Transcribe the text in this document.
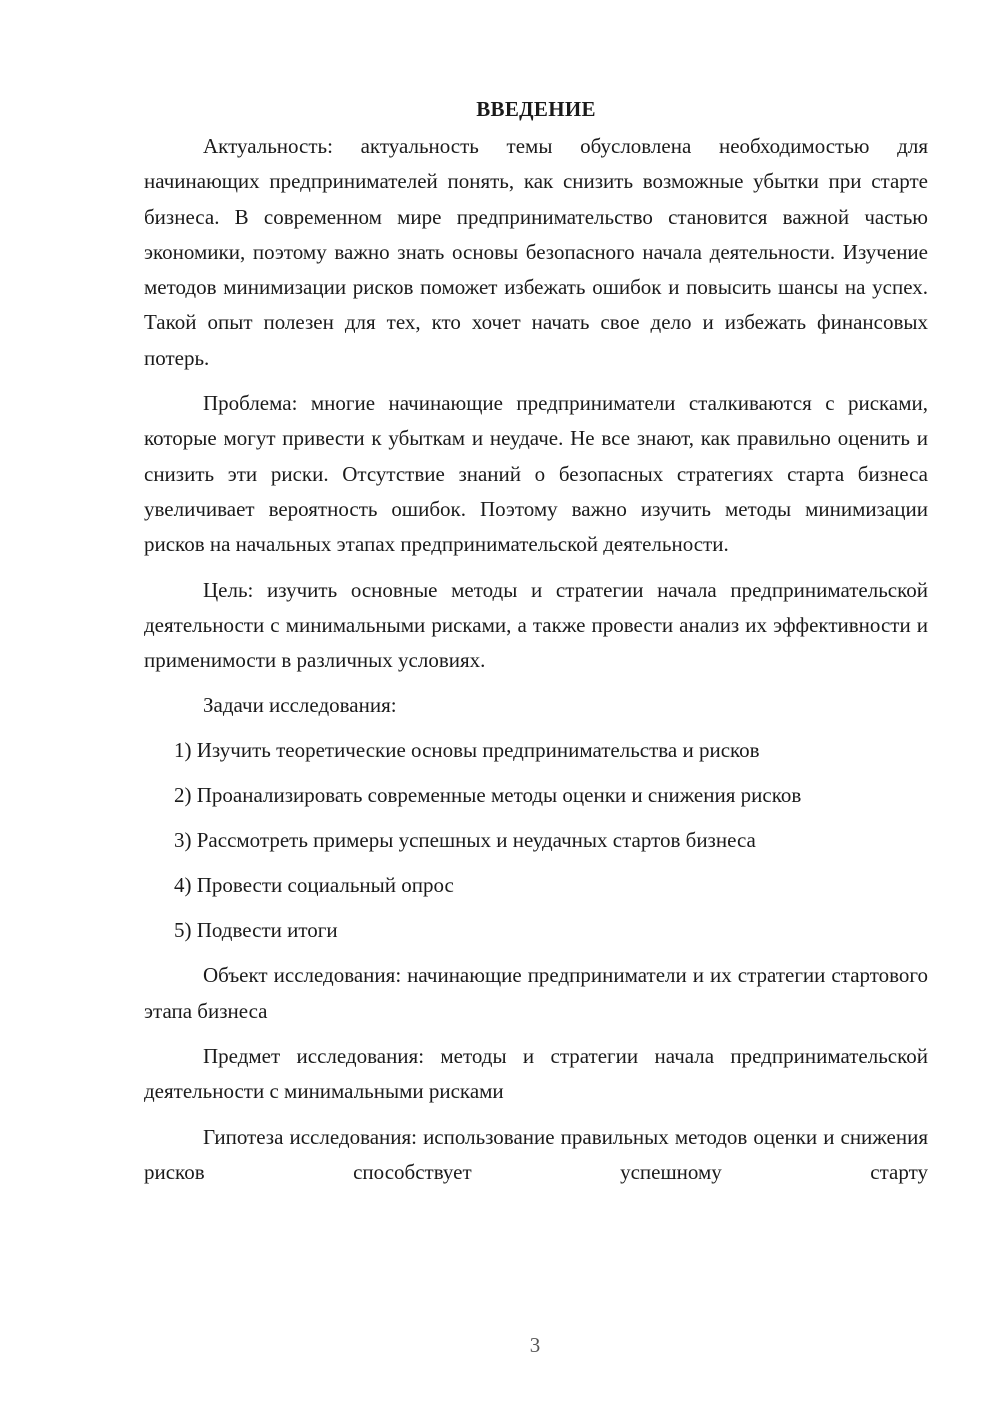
ВВЕДЕНИЕ

Актуальность: актуальность темы обусловлена необходимостью для начинающих предпринимателей понять, как снизить возможные убытки при старте бизнеса. В современном мире предпринимательство становится важной частью экономики, поэтому важно знать основы безопасного начала деятельности. Изучение методов минимизации рисков поможет избежать ошибок и повысить шансы на успех. Такой опыт полезен для тех, кто хочет начать свое дело и избежать финансовых потерь.

Проблема: многие начинающие предприниматели сталкиваются с рисками, которые могут привести к убыткам и неудаче. Не все знают, как правильно оценить и снизить эти риски. Отсутствие знаний о безопасных стратегиях старта бизнеса увеличивает вероятность ошибок. Поэтому важно изучить методы минимизации рисков на начальных этапах предпринимательской деятельности.

Цель: изучить основные методы и стратегии начала предпринимательской деятельности с минимальными рисками, а также провести анализ их эффективности и применимости в различных условиях.

Задачи исследования:

1) Изучить теоретические основы предпринимательства и рисков

2) Проанализировать современные методы оценки и снижения рисков

3) Рассмотреть примеры успешных и неудачных стартов бизнеса

4) Провести социальный опрос

5) Подвести итоги

Объект исследования: начинающие предприниматели и их стратегии стартового этапа бизнеса

Предмет исследования: методы и стратегии начала предпринимательской деятельности с минимальными рисками

Гипотеза исследования: использование правильных методов оценки и снижения рисков способствует успешному старту

3
